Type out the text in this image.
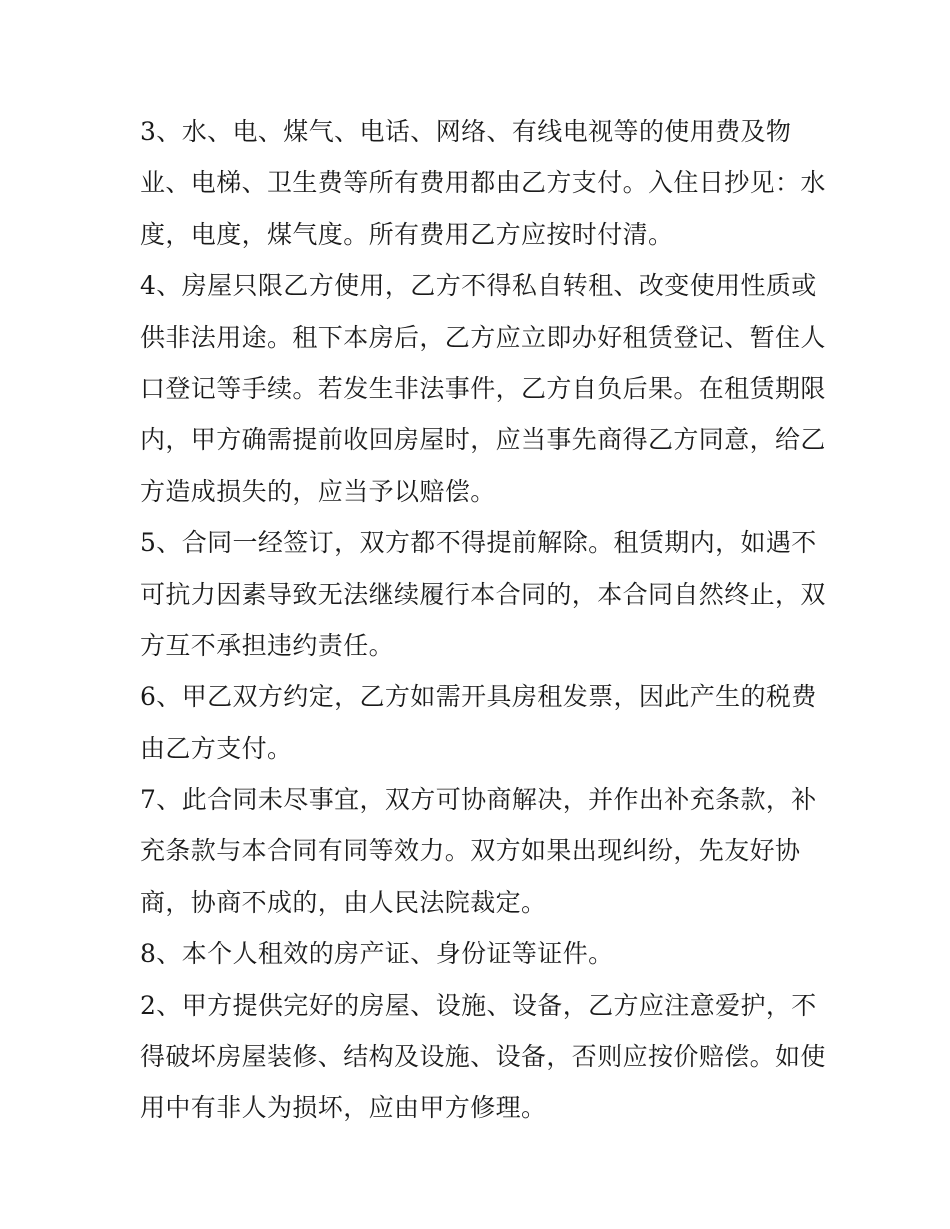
3、水、电、煤气、电话、网络、有线电视等的使用费及物
业、电梯、卫生费等所有费用都由乙方支付。入住日抄见：水
度，电度，煤气度。所有费用乙方应按时付清。
4、房屋只限乙方使用，乙方不得私自转租、改变使用性质或
供非法用途。租下本房后，乙方应立即办好租赁登记、暂住人
口登记等手续。若发生非法事件，乙方自负后果。在租赁期限
内，甲方确需提前收回房屋时，应当事先商得乙方同意，给乙
方造成损失的，应当予以赔偿。
5、合同一经签订，双方都不得提前解除。租赁期内，如遇不
可抗力因素导致无法继续履行本合同的，本合同自然终止，双
方互不承担违约责任。
6、甲乙双方约定，乙方如需开具房租发票，因此产生的税费
由乙方支付。
7、此合同未尽事宜，双方可协商解决，并作出补充条款，补
充条款与本合同有同等效力。双方如果出现纠纷，先友好协
商，协商不成的，由人民法院裁定。
8、本个人租效的房产证、身份证等证件。
2、甲方提供完好的房屋、设施、设备，乙方应注意爱护，不
得破坏房屋装修、结构及设施、设备，否则应按价赔偿。如使
用中有非人为损坏，应由甲方修理。
